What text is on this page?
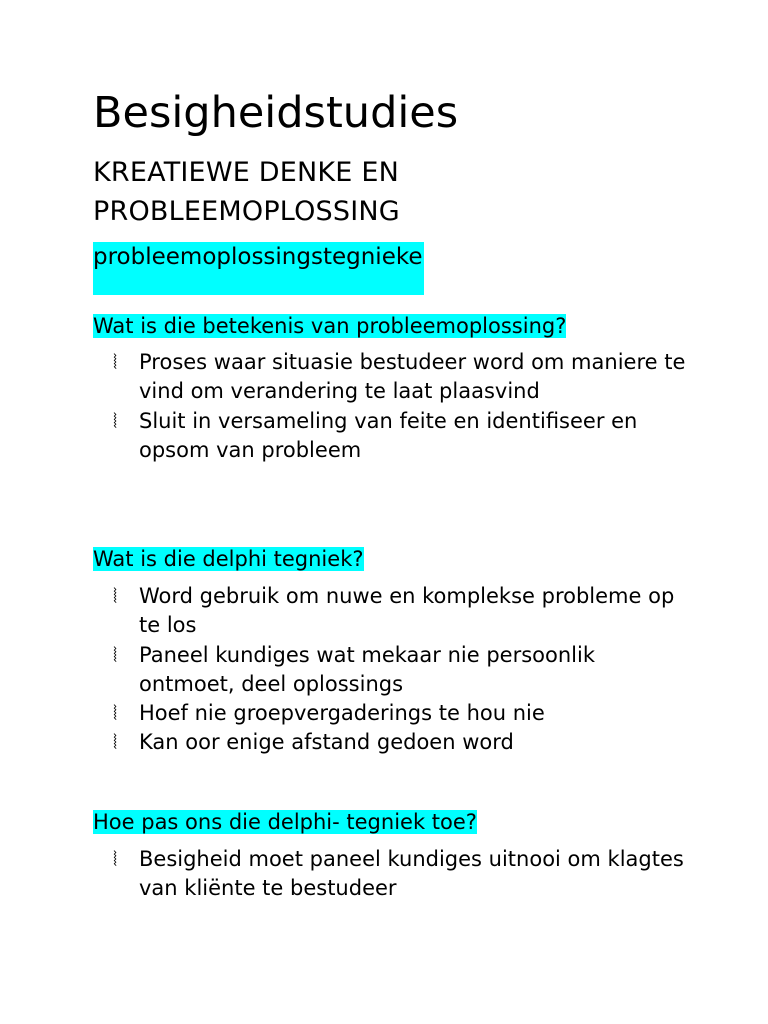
Besigheidstudies
KREATIEWE DENKE EN
PROBLEEMOPLOSSING
probleemoplossingstegnieke
Wat is die betekenis van probleemoplossing?
⦚ Proses waar situasie bestudeer word om maniere te vind om verandering te laat plaasvind
⦚ Sluit in versameling van feite en identifiseer en opsom van probleem
Wat is die delphi tegniek?
⦚ Word gebruik om nuwe en komplekse probleme op te los
⦚ Paneel kundiges wat mekaar nie persoonlik ontmoet, deel oplossings
⦚ Hoef nie groepvergaderings te hou nie
⦚ Kan oor enige afstand gedoen word
Hoe pas ons die delphi- tegniek toe?
⦚ Besigheid moet paneel kundiges uitnooi om klagtes van kliënte te bestudeer
